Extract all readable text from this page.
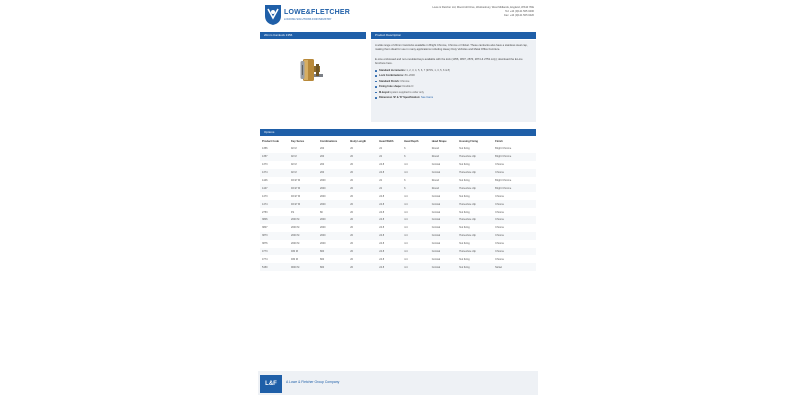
LOWE&FLETCHER
LOCKING SOLUTIONS FOR INDUSTRY
Lowe & Fletcher Ltd, Moorcroft Drive, Wednesbury, West Midlands, England, WS10 7DE
Tel: +44 (0)121 505 0400
Fax: +44 (0)121 505 0420
20mm Camlock 1356	Product Description

A wide range of 20mm Camlocks available in Bright Chrome, Chrome or Nickel. These camlocks also have a stainless steel cap, making them ideal for use in many applications including Heavy Duty Vehicles and Metal Office Furniture.

E-Line embossed and non-moulded keys available with the lock (1356, 3807, 2873, 2874 & 2753 only); download the E-Line brochure here.

Standard increments: 1, 2, 3, 4, 5, 6, 7 (970N, 1, 3, 5, 6 & 8)
Lock Combinations: 80–2000
Standard Finish: Chrome
Fixing hole shape: Double D
M-keyed system supplied to order only
Dimension 'B' & 'D' Specification: See Cams
Options
Product Code	Key Series	Combinations	Body Length	Head Width	Head Depth	Head Shape	Housing Fixing	Finish
1356	92 M	200	20	22	6	Round	Nut fixing	Bright Chrome
1357	92 M	200	20	22	6	Round	Horseshoe clip	Bright Chrome
1373	92 M	200	20	24.8	4.4	Conical	Nut fixing	Chrome
1374	92 M	200	20	24.8	4.4	Conical	Horseshoe clip	Chrome
1446	93-97 M	2000	20	22	6	Round	Nut fixing	Bright Chrome
1447	93-97 M	2000	20	22	6	Round	Horseshoe clip	Bright Chrome
1473	93-97 M	2000	20	24.8	4.4	Conical	Nut fixing	Chrome
1474	93-97 M	2000	20	24.8	4.4	Conical	Horseshoe clip	Chrome
2753	FS	80	20	24.8	4.4	Conical	Nut fixing	Chrome
3806	2000 M	2000	20	24.8	4.4	Conical	Horseshoe clip	Chrome
3807	2000 M	2000	20	24.8	4.4	Conical	Nut fixing	Chrome
3873	2000 M	2000	20	24.8	4.4	Conical	Horseshoe clip	Chrome
3876	2000 M	2000	20	24.8	4.4	Conical	Nut fixing	Chrome
4773	930 M	800	20	24.8	4.4	Conical	Horseshoe clip	Chrome
4774	930 M	800	20	24.8	4.4	Conical	Nut fixing	Chrome
5150	9000 M	800	20	24.8	4.4	Conical	Nut fixing	Nickel
L&F	A Lowe & Fletcher Group Company
